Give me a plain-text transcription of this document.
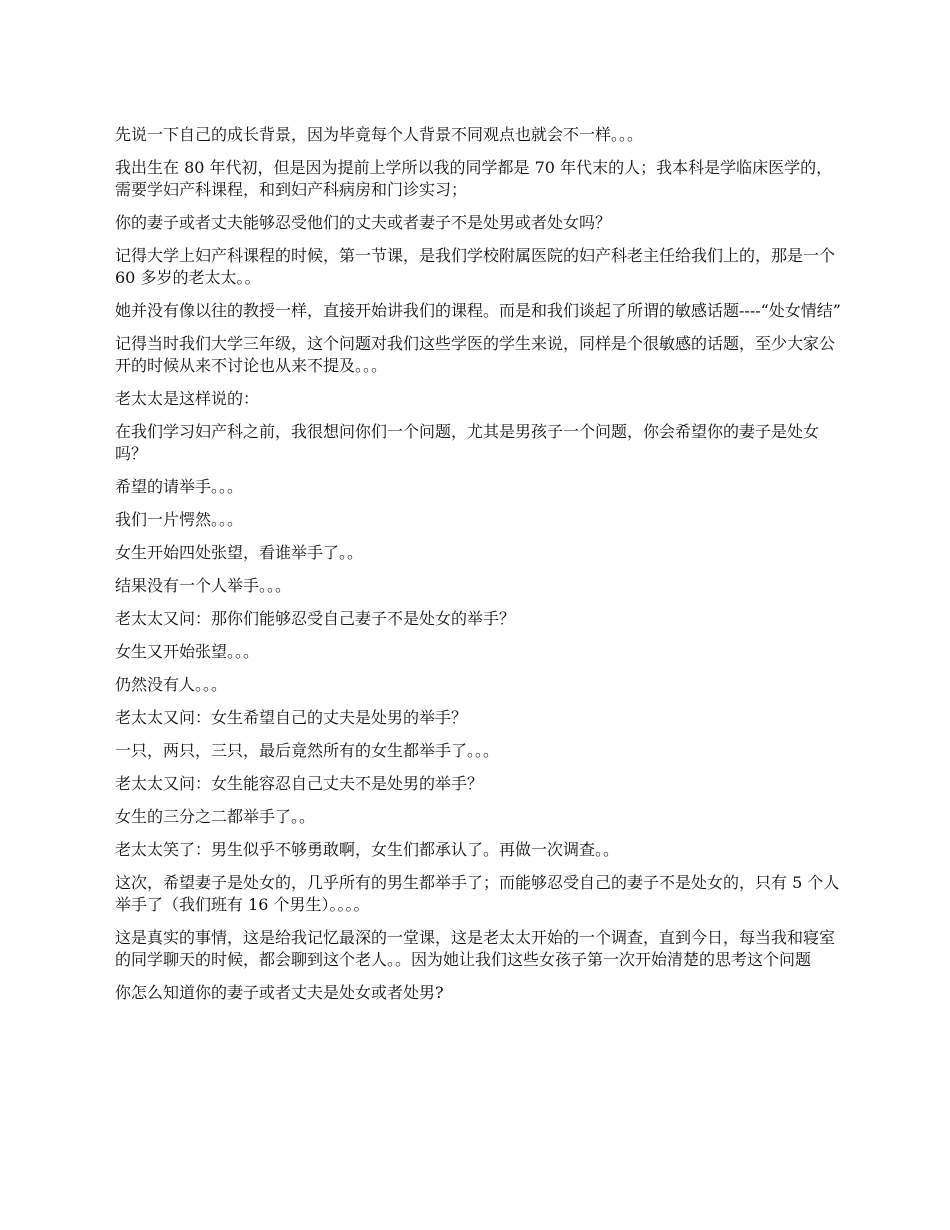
先说一下自己的成长背景，因为毕竟每个人背景不同观点也就会不一样。。。

我出生在 80 年代初，但是因为提前上学所以我的同学都是 70 年代末的人；我本科是学临床医学的，需要学妇产科课程，和到妇产科病房和门诊实习；

你的妻子或者丈夫能够忍受他们的丈夫或者妻子不是处男或者处女吗？

记得大学上妇产科课程的时候，第一节课，是我们学校附属医院的妇产科老主任给我们上的，那是一个 60 多岁的老太太。。

她并没有像以往的教授一样，直接开始讲我们的课程。而是和我们谈起了所谓的敏感话题----“处女情结”

记得当时我们大学三年级，这个问题对我们这些学医的学生来说，同样是个很敏感的话题，至少大家公开的时候从来不讨论也从来不提及。。。

老太太是这样说的：

在我们学习妇产科之前，我很想问你们一个问题，尤其是男孩子一个问题，你会希望你的妻子是处女吗？

希望的请举手。。。

我们一片愕然。。。

女生开始四处张望，看谁举手了。。

结果没有一个人举手。。。

老太太又问：那你们能够忍受自己妻子不是处女的举手？

女生又开始张望。。。

仍然没有人。。。

老太太又问：女生希望自己的丈夫是处男的举手？

一只，两只，三只，最后竟然所有的女生都举手了。。。

老太太又问：女生能容忍自己丈夫不是处男的举手？

女生的三分之二都举手了。。

老太太笑了：男生似乎不够勇敢啊，女生们都承认了。再做一次调查。。

这次，希望妻子是处女的，几乎所有的男生都举手了；而能够忍受自己的妻子不是处女的，只有 5 个人举手了（我们班有 16 个男生）。。。。

这是真实的事情，这是给我记忆最深的一堂课，这是老太太开始的一个调查，直到今日，每当我和寝室的同学聊天的时候，都会聊到这个老人。。因为她让我们这些女孩子第一次开始清楚的思考这个问题

你怎么知道你的妻子或者丈夫是处女或者处男?
